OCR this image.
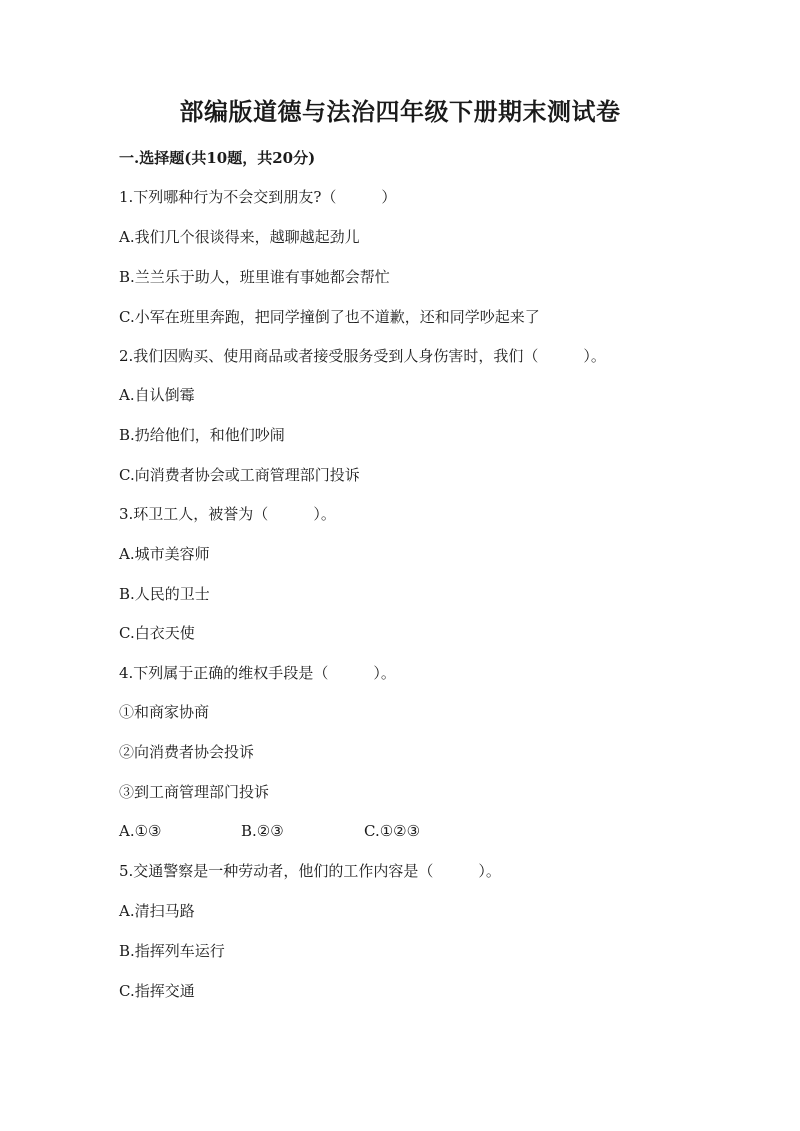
部编版道德与法治四年级下册期末测试卷
一.选择题(共10题，共20分)
1.下列哪种行为不会交到朋友?（　　　）
A.我们几个很谈得来，越聊越起劲儿
B.兰兰乐于助人，班里谁有事她都会帮忙
C.小军在班里奔跑，把同学撞倒了也不道歉，还和同学吵起来了
2.我们因购买、使用商品或者接受服务受到人身伤害时，我们（　　　）。
A.自认倒霉
B.扔给他们，和他们吵闹
C.向消费者协会或工商管理部门投诉
3.环卫工人，被誉为（　　　）。
A.城市美容师
B.人民的卫士
C.白衣天使
4.下列属于正确的维权手段是（　　　）。
①和商家协商
②向消费者协会投诉
③到工商管理部门投诉
A.①③	B.②③	C.①②③
5.交通警察是一种劳动者，他们的工作内容是（　　　）。
A.清扫马路
B.指挥列车运行
C.指挥交通
